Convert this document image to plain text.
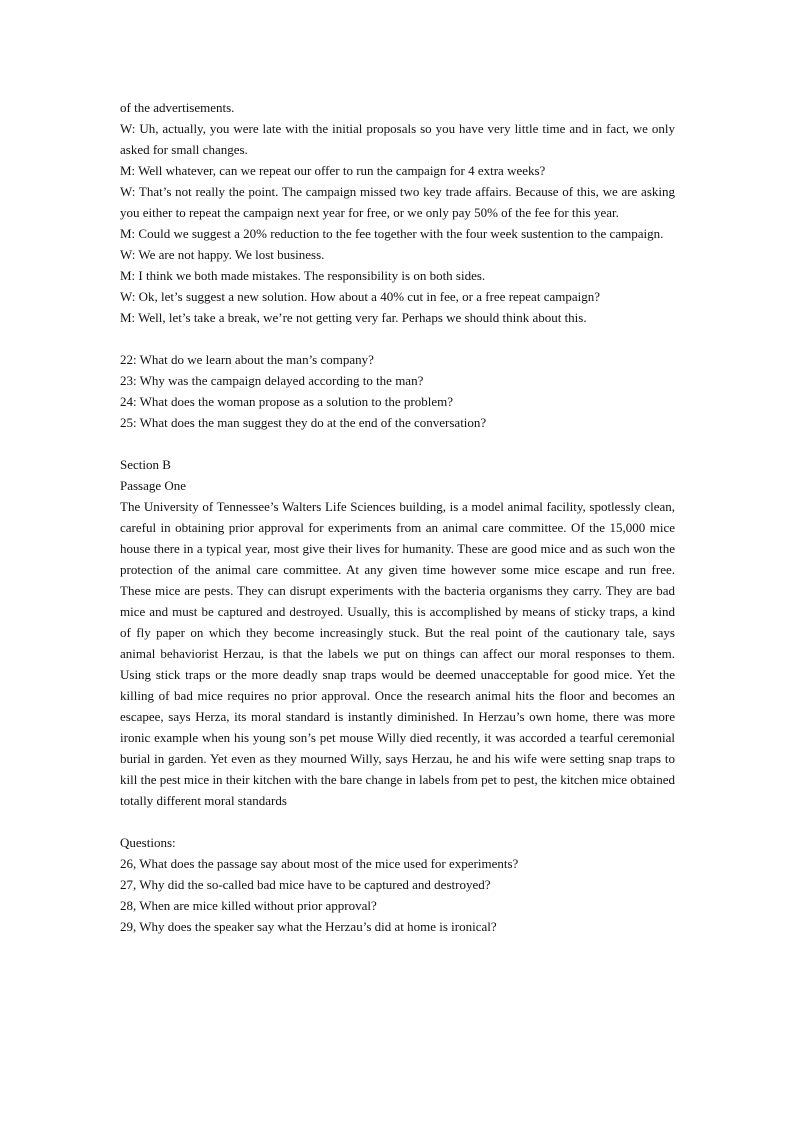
of the advertisements.

W: Uh, actually, you were late with the initial proposals so you have very little time and in fact, we only asked for small changes.

M: Well whatever, can we repeat our offer to run the campaign for 4 extra weeks?

W: That’s not really the point. The campaign missed two key trade affairs. Because of this, we are asking you either to repeat the campaign next year for free, or we only pay 50% of the fee for this year.

M: Could we suggest a 20% reduction to the fee together with the four week sustention to the campaign.

W: We are not happy. We lost business.

M: I think we both made mistakes. The responsibility is on both sides.

W: Ok, let’s suggest a new solution. How about a 40% cut in fee, or a free repeat campaign?

M: Well, let’s take a break, we’re not getting very far. Perhaps we should think about this.

22: What do we learn about the man’s company?

23: Why was the campaign delayed according to the man?

24: What does the woman propose as a solution to the problem?

25: What does the man suggest they do at the end of the conversation?

Section B

Passage One

The University of Tennessee’s Walters Life Sciences building, is a model animal facility, spotlessly clean, careful in obtaining prior approval for experiments from an animal care committee. Of the 15,000 mice house there in a typical year, most give their lives for humanity. These are good mice and as such won the protection of the animal care committee. At any given time however some mice escape and run free. These mice are pests. They can disrupt experiments with the bacteria organisms they carry. They are bad mice and must be captured and destroyed. Usually, this is accomplished by means of sticky traps, a kind of fly paper on which they become increasingly stuck. But the real point of the cautionary tale, says animal behaviorist Herzau, is that the labels we put on things can affect our moral responses to them. Using stick traps or the more deadly snap traps would be deemed unacceptable for good mice. Yet the killing of bad mice requires no prior approval. Once the research animal hits the floor and becomes an escapee, says Herza, its moral standard is instantly diminished. In Herzau’s own home, there was more ironic example when his young son’s pet mouse Willy died recently, it was accorded a tearful ceremonial burial in garden. Yet even as they mourned Willy, says Herzau, he and his wife were setting snap traps to kill the pest mice in their kitchen with the bare change in labels from pet to pest, the kitchen mice obtained totally different moral standards

Questions:

26, What does the passage say about most of the mice used for experiments?

27, Why did the so-called bad mice have to be captured and destroyed?

28, When are mice killed without prior approval?

29, Why does the speaker say what the Herzau’s did at home is ironical?
